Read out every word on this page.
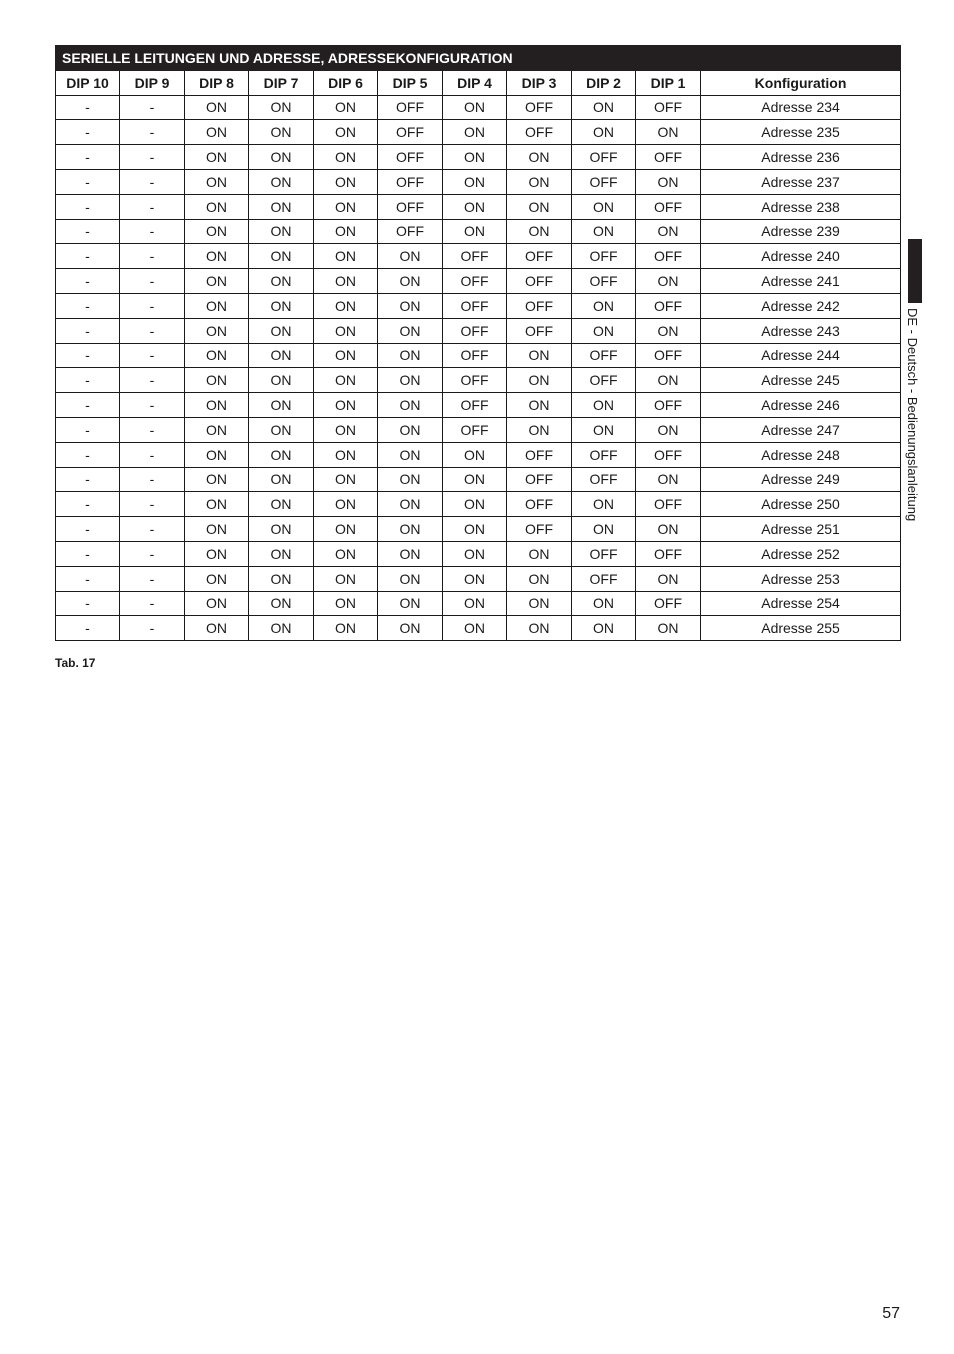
SERIELLE LEITUNGEN UND ADRESSE, ADRESSEKONFIGURATION										
DIP 10	DIP 9	DIP 8	DIP 7	DIP 6	DIP 5	DIP 4	DIP 3	DIP 2	DIP 1	Konfiguration
-	-	ON	ON	ON	OFF	ON	OFF	ON	OFF	Adresse 234
-	-	ON	ON	ON	OFF	ON	OFF	ON	ON	Adresse 235
-	-	ON	ON	ON	OFF	ON	ON	OFF	OFF	Adresse 236
-	-	ON	ON	ON	OFF	ON	ON	OFF	ON	Adresse 237
-	-	ON	ON	ON	OFF	ON	ON	ON	OFF	Adresse 238
-	-	ON	ON	ON	OFF	ON	ON	ON	ON	Adresse 239
-	-	ON	ON	ON	ON	OFF	OFF	OFF	OFF	Adresse 240
-	-	ON	ON	ON	ON	OFF	OFF	OFF	ON	Adresse 241
-	-	ON	ON	ON	ON	OFF	OFF	ON	OFF	Adresse 242
-	-	ON	ON	ON	ON	OFF	OFF	ON	ON	Adresse 243
-	-	ON	ON	ON	ON	OFF	ON	OFF	OFF	Adresse 244
-	-	ON	ON	ON	ON	OFF	ON	OFF	ON	Adresse 245
-	-	ON	ON	ON	ON	OFF	ON	ON	OFF	Adresse 246
-	-	ON	ON	ON	ON	OFF	ON	ON	ON	Adresse 247
-	-	ON	ON	ON	ON	ON	OFF	OFF	OFF	Adresse 248
-	-	ON	ON	ON	ON	ON	OFF	OFF	ON	Adresse 249
-	-	ON	ON	ON	ON	ON	OFF	ON	OFF	Adresse 250
-	-	ON	ON	ON	ON	ON	OFF	ON	ON	Adresse 251
-	-	ON	ON	ON	ON	ON	ON	OFF	OFF	Adresse 252
-	-	ON	ON	ON	ON	ON	ON	OFF	ON	Adresse 253
-	-	ON	ON	ON	ON	ON	ON	ON	OFF	Adresse 254
-	-	ON	ON	ON	ON	ON	ON	ON	ON	Adresse 255
Tab. 17
DE - Deutsch - Bedienungslanleitung
57
